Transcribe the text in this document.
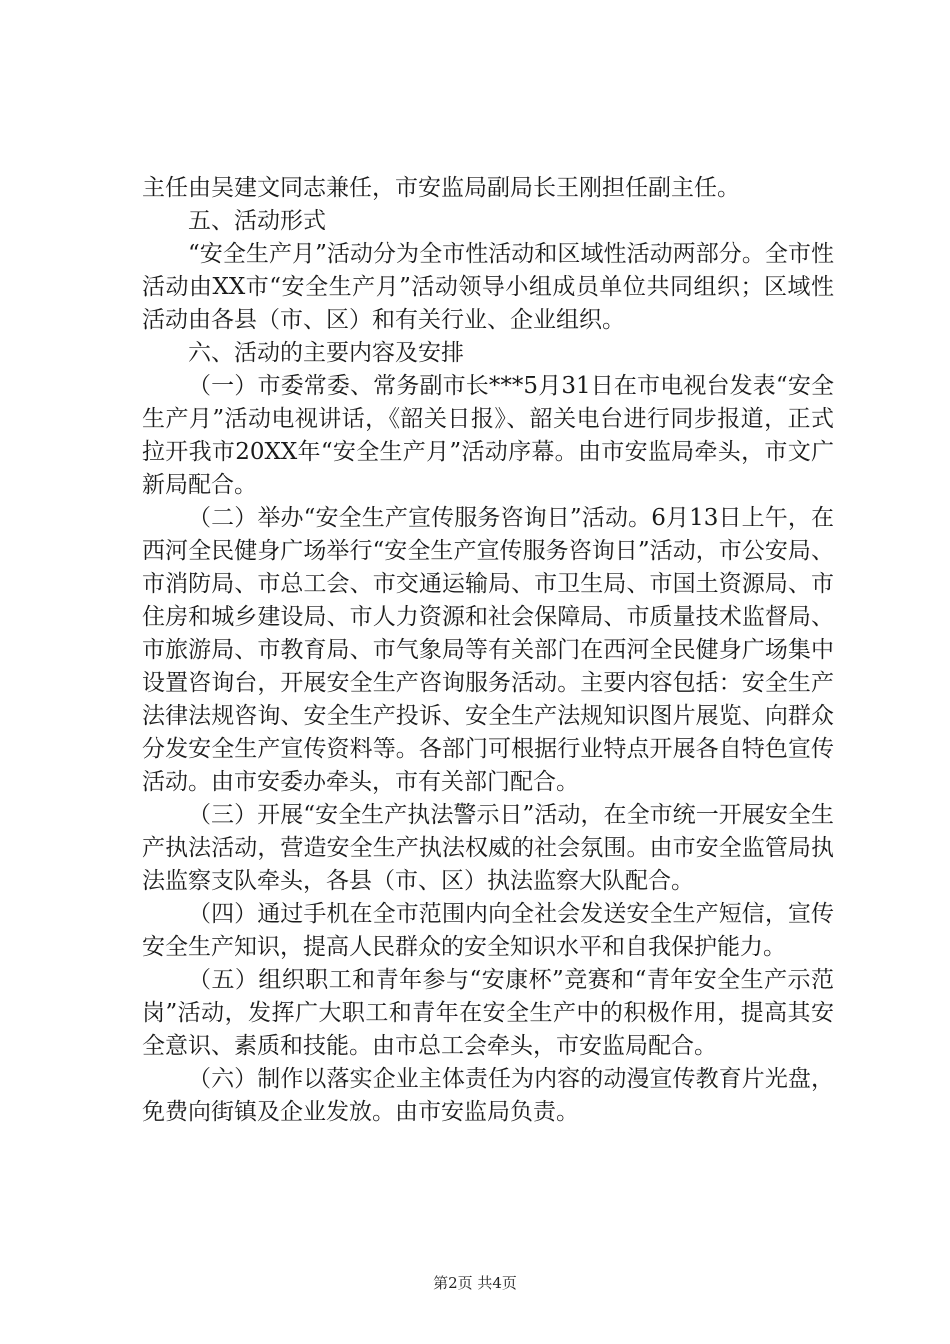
主任由吴建文同志兼任，市安监局副局长王刚担任副主任。

五、活动形式

“安全生产月”活动分为全市性活动和区域性活动两部分。全市性活动由XX市“安全生产月”活动领导小组成员单位共同组织；区域性活动由各县（市、区）和有关行业、企业组织。

六、活动的主要内容及安排

（一）市委常委、常务副市长***5月31日在市电视台发表“安全生产月”活动电视讲话，《韶关日报》、韶关电台进行同步报道，正式拉开我市20XX年“安全生产月”活动序幕。由市安监局牵头，市文广新局配合。

（二）举办“安全生产宣传服务咨询日”活动。6月13日上午，在西河全民健身广场举行“安全生产宣传服务咨询日”活动，市公安局、市消防局、市总工会、市交通运输局、市卫生局、市国土资源局、市住房和城乡建设局、市人力资源和社会保障局、市质量技术监督局、市旅游局、市教育局、市气象局等有关部门在西河全民健身广场集中设置咨询台，开展安全生产咨询服务活动。主要内容包括：安全生产法律法规咨询、安全生产投诉、安全生产法规知识图片展览、向群众分发安全生产宣传资料等。各部门可根据行业特点开展各自特色宣传活动。由市安委办牵头，市有关部门配合。

（三）开展“安全生产执法警示日”活动，在全市统一开展安全生产执法活动，营造安全生产执法权威的社会氛围。由市安全监管局执法监察支队牵头，各县（市、区）执法监察大队配合。

（四）通过手机在全市范围内向全社会发送安全生产短信，宣传安全生产知识，提高人民群众的安全知识水平和自我保护能力。

（五）组织职工和青年参与“安康杯”竞赛和“青年安全生产示范岗”活动，发挥广大职工和青年在安全生产中的积极作用，提高其安全意识、素质和技能。由市总工会牵头，市安监局配合。

（六）制作以落实企业主体责任为内容的动漫宣传教育片光盘，免费向街镇及企业发放。由市安监局负责。

第2页 共4页
